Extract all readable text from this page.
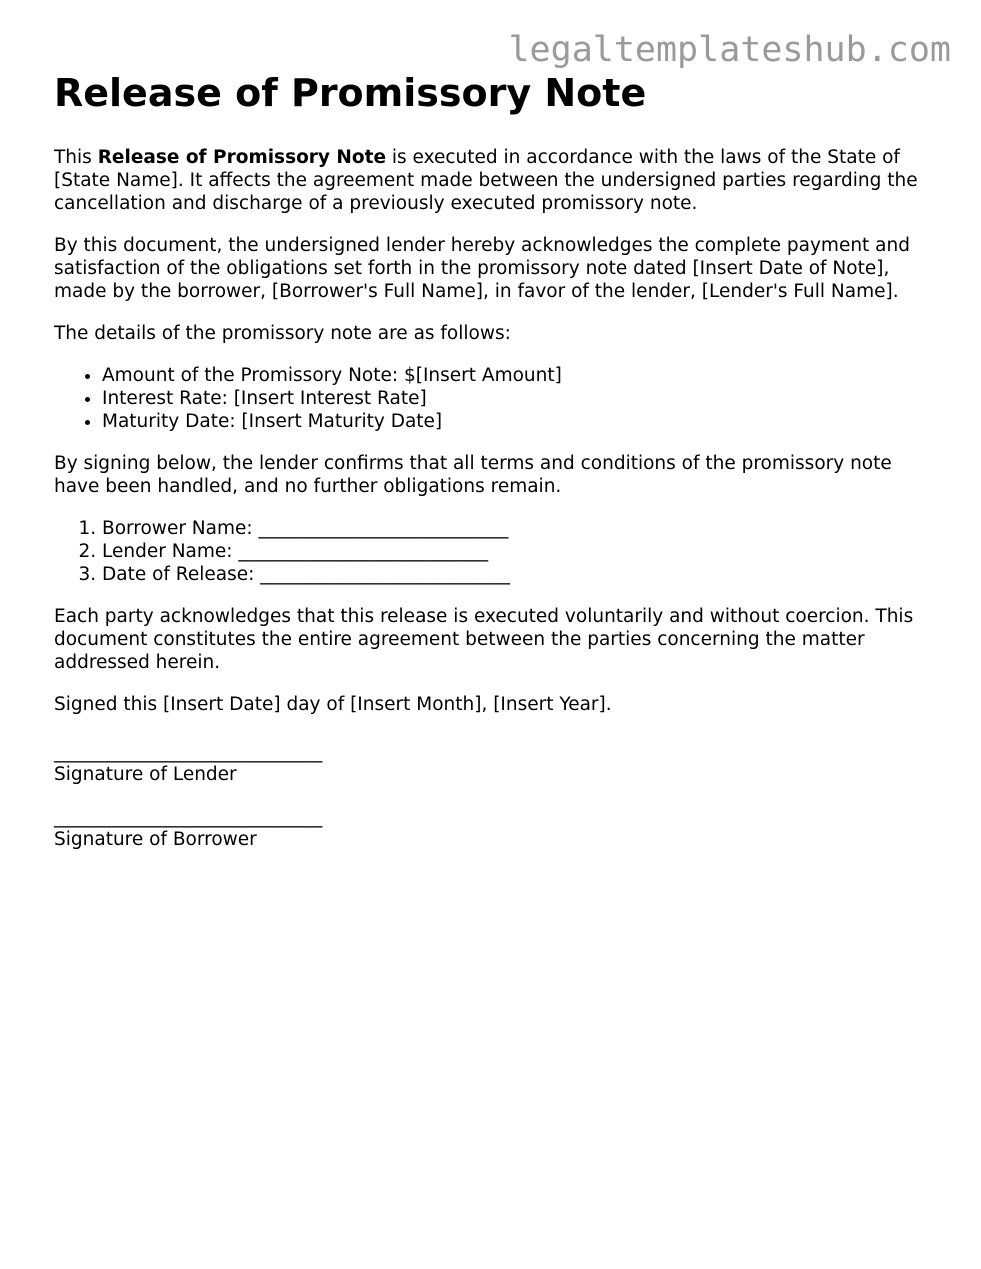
legaltemplateshub.com
Release of Promissory Note

This Release of Promissory Note is executed in accordance with the laws of the State of [State Name]. It affects the agreement made between the undersigned parties regarding the cancellation and discharge of a previously executed promissory note.

By this document, the undersigned lender hereby acknowledges the complete payment and satisfaction of the obligations set forth in the promissory note dated [Insert Date of Note], made by the borrower, [Borrower's Full Name], in favor of the lender, [Lender's Full Name].

The details of the promissory note are as follows:

• Amount of the Promissory Note: $[Insert Amount]
• Interest Rate: [Insert Interest Rate]
• Maturity Date: [Insert Maturity Date]

By signing below, the lender confirms that all terms and conditions of the promissory note have been handled, and no further obligations remain.

1. Borrower Name: ___________________________
2. Lender Name: ___________________________
3. Date of Release: ___________________________

Each party acknowledges that this release is executed voluntarily and without coercion. This document constitutes the entire agreement between the parties concerning the matter addressed herein.

Signed this [Insert Date] day of [Insert Month], [Insert Year].

_____________________________
Signature of Lender
_____________________________
Signature of Borrower
